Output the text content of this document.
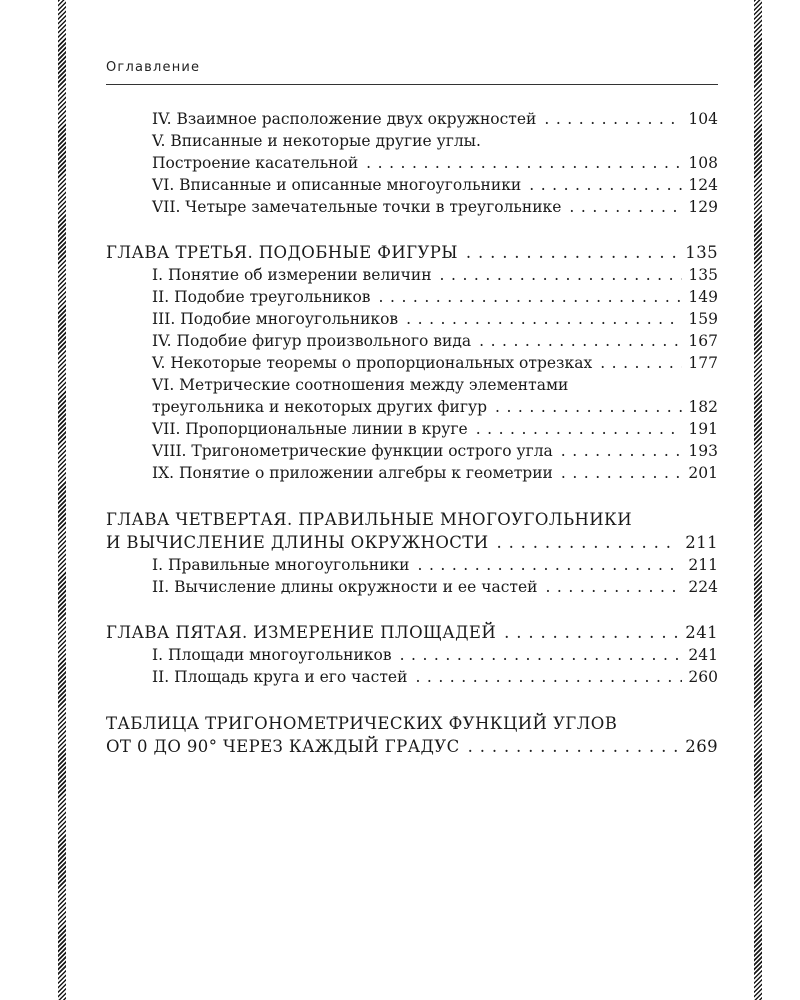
Оглавление
IV. Взаимное расположение двух окружностей . . .	104
V. Вписанные и некоторые другие углы.
Построение касательной . . .	108
VI. Вписанные и описанные многоугольники . . .	124
VII. Четыре замечательные точки в треугольнике . . .	129
ГЛАВА ТРЕТЬЯ. ПОДОБНЫЕ ФИГУРЫ . . .	135
I. Понятие об измерении величин . . .	135
II. Подобие треугольников . . .	149
III. Подобие многоугольников . . .	159
IV. Подобие фигур произвольного вида . . .	167
V. Некоторые теоремы о пропорциональных отрезках . . .	177
VI. Метрические соотношения между элементами
треугольника и некоторых других фигур . . .	182
VII. Пропорциональные линии в круге . . .	191
VIII. Тригонометрические функции острого угла . . .	193
IX. Понятие о приложении алгебры к геометрии . . .	201
ГЛАВА ЧЕТВЕРТАЯ. ПРАВИЛЬНЫЕ МНОГОУГОЛЬНИКИ
И ВЫЧИСЛЕНИЕ ДЛИНЫ ОКРУЖНОСТИ . . .	211
I. Правильные многоугольники . . .	211
II. Вычисление длины окружности и ее частей . . .	224
ГЛАВА ПЯТАЯ. ИЗМЕРЕНИЕ ПЛОЩАДЕЙ . . .	241
I. Площади многоугольников . . .	241
II. Площадь круга и его частей . . .	260
ТАБЛИЦА ТРИГОНОМЕТРИЧЕСКИХ ФУНКЦИЙ УГЛОВ
ОТ 0 ДО 90° ЧЕРЕЗ КАЖДЫЙ ГРАДУС . . .	269
